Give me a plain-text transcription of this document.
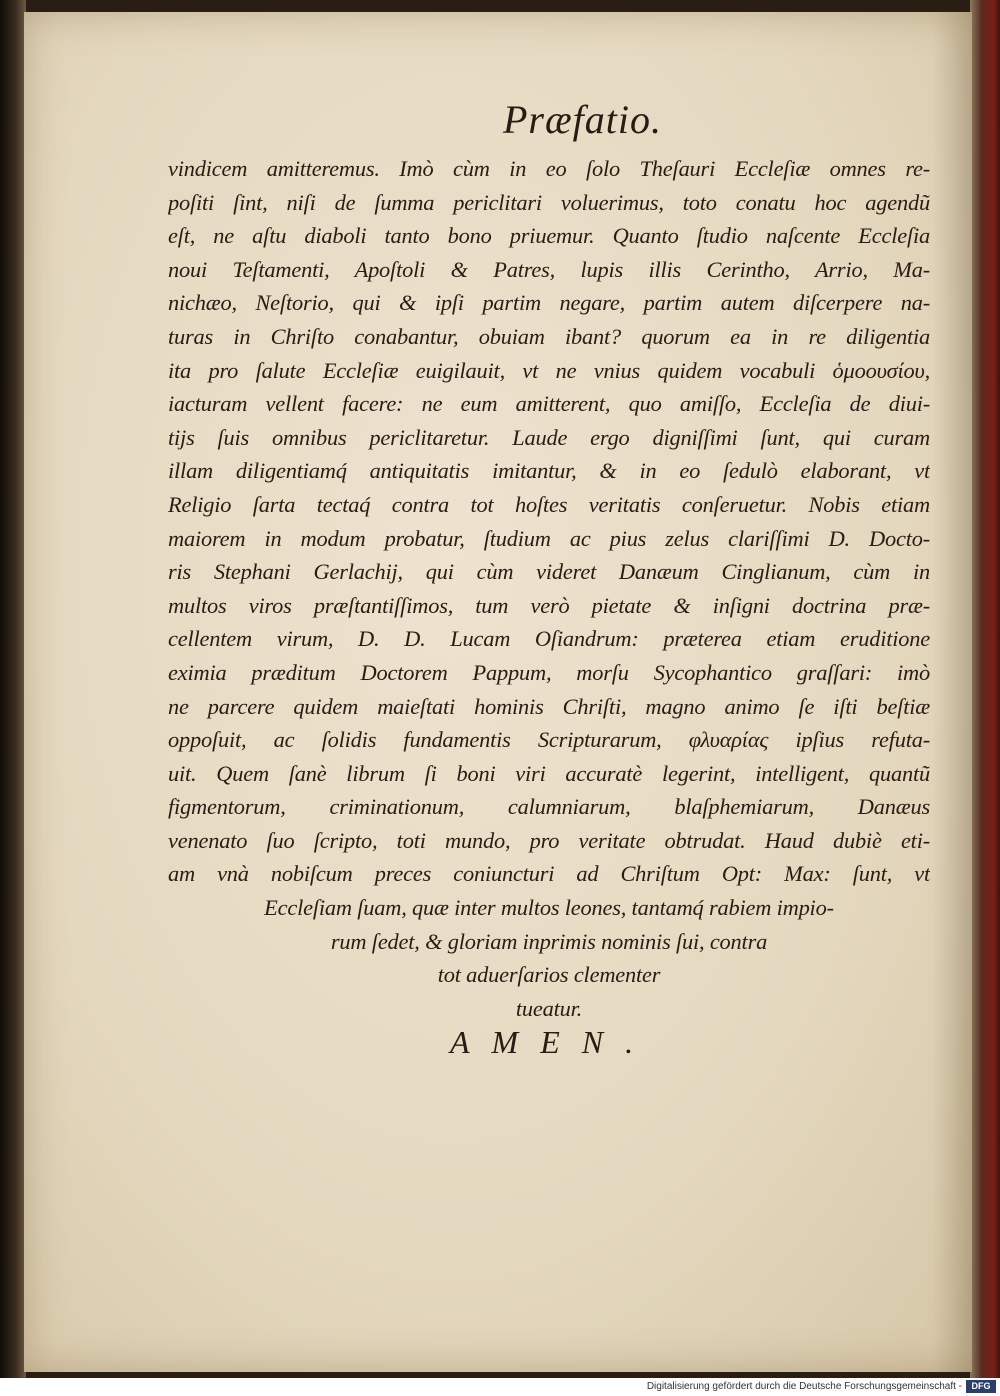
Præfatio.
vindicem amitteremus. Imò cùm in eo ſolo Theſauri Eccleſiæ omnes re-
poſiti ſint, niſi de ſumma periclitari voluerimus, toto conatu hoc agendũ
eſt, ne aſtu diaboli tanto bono priuemur. Quanto ſtudio naſcente Eccleſia
noui Teſtamenti, Apoſtoli & Patres, lupis illis Cerintho, Arrio, Ma-
nichæo, Neſtorio, qui & ipſi partim negare, partim autem diſcerpere na-
turas in Chriſto conabantur, obuiam ibant? quorum ea in re diligentia
ita pro ſalute Eccleſiæ euigilauit, vt ne vnius quidem vocabuli ὁμοουσίου,
iacturam vellent facere: ne eum amitterent, quo amiſſo, Eccleſia de diui-
tijs ſuis omnibus periclitaretur. Laude ergo digniſſimi ſunt, qui curam
illam diligentiamq́ antiquitatis imitantur, & in eo ſedulò elaborant, vt
Religio ſarta tectaq́ contra tot hoſtes veritatis conſeruetur. Nobis etiam
maiorem in modum probatur, ſtudium ac pius zelus clariſſimi D. Docto-
ris Stephani Gerlachij, qui cùm videret Danæum Cinglianum, cùm in
multos viros præſtantiſſimos, tum verò pietate & inſigni doctrina præ-
cellentem virum, D. D. Lucam Oſiandrum: præterea etiam eruditione
eximia præditum Doctorem Pappum, morſu Sycophantico graſſari: imò
ne parcere quidem maieſtati hominis Chriſti, magno animo ſe iſti beſtiæ
oppoſuit, ac ſolidis fundamentis Scripturarum, φλυαρίας ipſius refuta-
uit. Quem ſanè librum ſi boni viri accuratè legerint, intelligent, quantũ
figmentorum, criminationum, calumniarum, blaſphemiarum, Danæus
venenato ſuo ſcripto, toti mundo, pro veritate obtrudat. Haud dubiè eti-
am vnà nobiſcum preces coniuncturi ad Chriſtum Opt: Max: ſunt, vt
Eccleſiam ſuam, quæ inter multos leones, tantamq́ rabiem impio-
rum ſedet, & gloriam inprimis nominis ſui, contra
tot aduerſarios clementer
tueatur.
AMEN.
Digitalisierung gefördert durch die Deutsche Forschungsgemeinschaft -	DFG
